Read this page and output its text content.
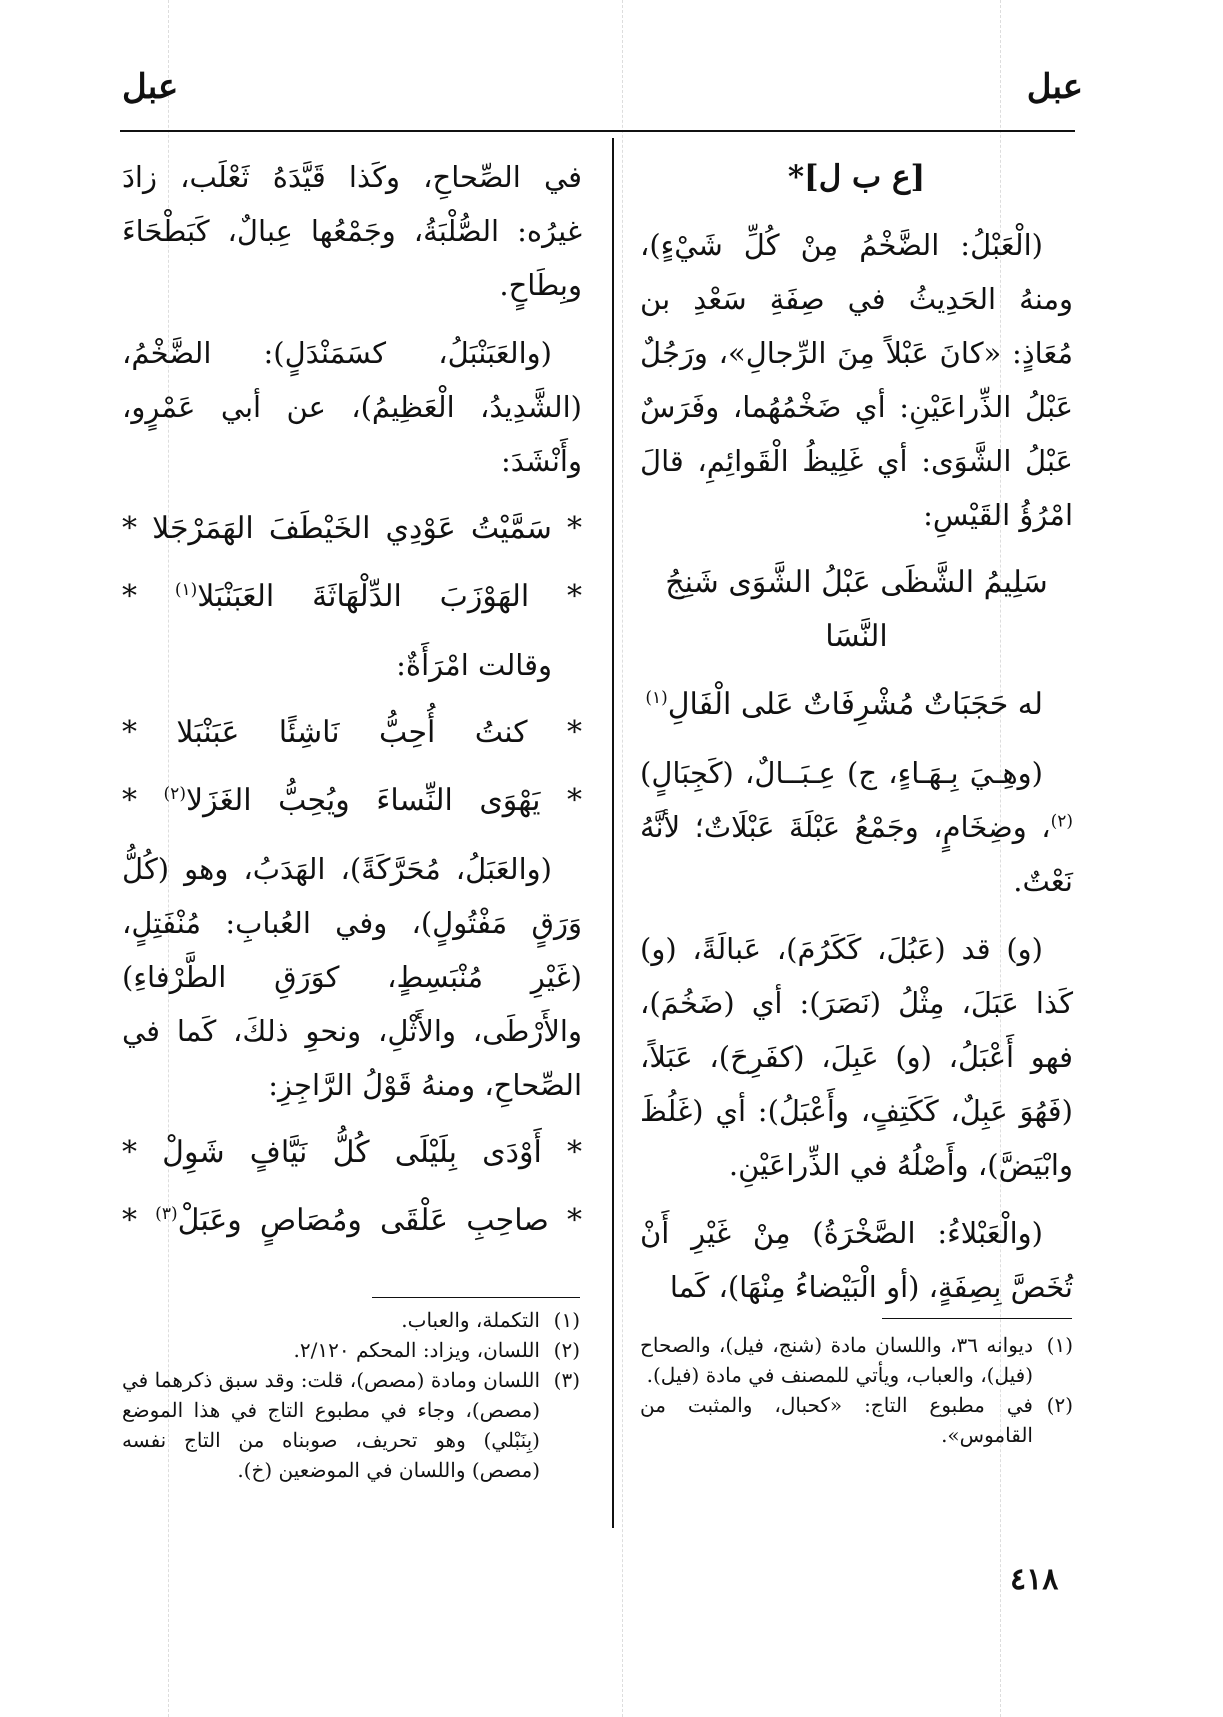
عبل
عبل

[ع ب ل]*

(الْعَبْلُ: الضَّخْمُ مِنْ كُلِّ شَيْءٍ)، ومنهُ الحَدِيثُ في صِفَةِ سَعْدِ بن مُعَاذٍ: «كانَ عَبْلاً مِنَ الرِّجالِ»، ورَجُلٌ عَبْلُ الذِّراعَيْنِ: أي ضَخْمُهُما، وفَرَسٌ عَبْلُ الشَّوَى: أي غَلِيظُ الْقَوائِمِ، قالَ امْرُؤُ القَيْسِ:

سَلِيمُ الشَّظَى عَبْلُ الشَّوَى شَنِجُ النَّسَا

له حَجَبَاتٌ مُشْرِفَاتٌ عَلى الْفَالِ$^{(١)}$

(وهِـيَ بِـهَـاءٍ، ج) عِـبَــالٌ، (كَجِبَالٍ)$^{(٢)}$، وضِخَامٍ، وجَمْعُ عَبْلَةَ عَبْلَاتٌ؛ لأنَّهُ نَعْتٌ.

(و) قد (عَبُلَ، كَكَرُمَ)، عَبالَةً، (و) كَذا عَبَلَ، مِثْلُ (نَصَرَ): أي (ضَخُمَ)، فهو أَعْبَلُ، (و) عَبِلَ، (كفَرِحَ)، عَبَلاً، (فَهُوَ عَبِلٌ، كَكَتِفٍ، وأَعْبَلُ): أي (غَلُظَ وابْيَضَّ)، وأَصْلُهُ في الذِّراعَيْنِ.

(والْعَبْلاءُ: الصَّخْرَةُ) مِنْ غَيْرِ أَنْ تُخَصَّ بِصِفَةٍ، (أو الْبَيْضاءُ مِنْهَا)، كَما

في الصِّحاحِ، وكَذا قَيَّدَهُ ثَعْلَب، زادَ غيرُه: الصُّلْبَةُ، وجَمْعُها عِبالٌ، كَبَطْحَاءَ وبِطَاحٍ.

(والعَبَنْبَلُ، كسَمَنْدَلٍ): الضَّخْمُ، (الشَّدِيدُ، الْعَظِيمُ)، عن أبي عَمْرٍو، وأَنْشَدَ:

* سَمَّيْتُ عَوْدِي الخَيْطَفَ الهَمَرْجَلا *

* الهَوْزَبَ الدِّلْهَاثَةَ العَبَنْبَلا$^{(١)}$ *

وقالت امْرَأَةٌ:

* كنتُ أُحِبُّ نَاشِئًا عَبَنْبَلا *

* يَهْوَى النِّساءَ ويُحِبُّ الغَزَلا$^{(٢)}$ *

(والعَبَلُ، مُحَرَّكَةً)، الهَدَبُ، وهو (كُلُّ وَرَقٍ مَفْتُولٍ)، وفي العُبابِ: مُنْفَتِلٍ، (غَيْرِ مُنْبَسِطٍ، كوَرَقِ الطَّرْفاءِ) والأَرْطَى، والأَثْلِ، ونحوِ ذلكَ، كَما في الصِّحاحِ، ومنهُ قَوْلُ الرَّاجِزِ:

* أَوْدَى بِلَيْلَى كُلُّ نَيَّافٍ شَوِلْ *

* صاحِبِ عَلْقَى ومُصَاصٍ وعَبَلْ$^{(٣)}$ *

(١)
ديوانه ٣٦، واللسان مادة (شنج، فيل)، والصحاح (فيل)، والعباب، ويأتي للمصنف في مادة (فيل).

(٢)
في مطبوع التاج: «كحبال، والمثبت من القاموس».

(١)
التكملة، والعباب.

(٢)
اللسان، ويزاد: المحكم ٢/١٢٠.

(٣)
اللسان ومادة (مصص)، قلت: وقد سبق ذكرهما في (مصص)، وجاء في مطبوع التاج في هذا الموضع (بِنَبْلي) وهو تحريف، صوبناه من التاج نفسه (مصص) واللسان في الموضعين (خ).

٤١٨
